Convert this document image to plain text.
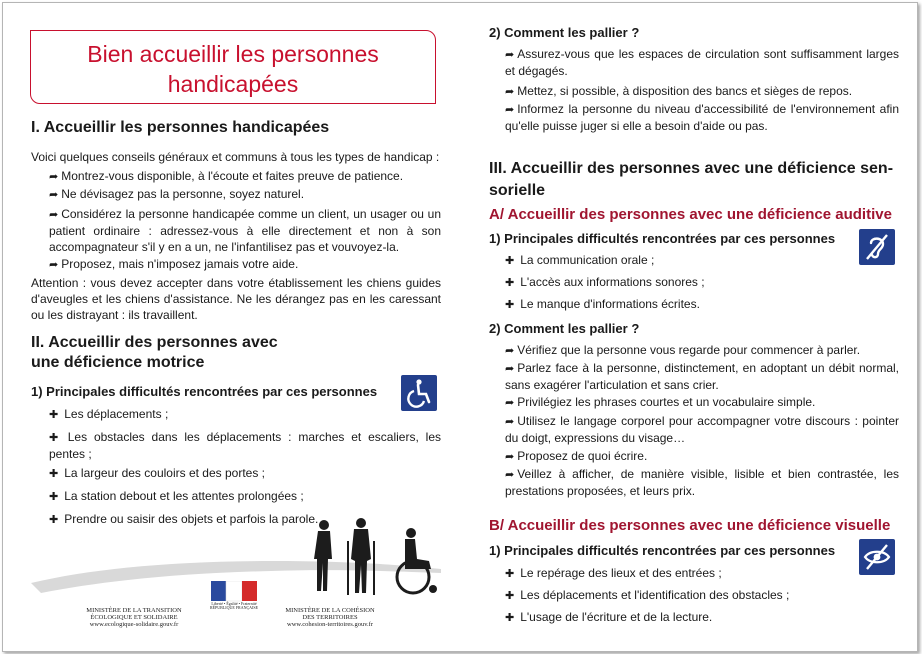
Bien accueillir les personnes
handicapées
I. Accueillir les personnes handicapées
Voici quelques conseils généraux et communs à tous les types de handicap :
➦ Montrez-vous disponible, à l'écoute et faites preuve de patience.
➦ Ne dévisagez pas la personne, soyez naturel.
➦ Considérez la personne handicapée comme un client, un usager ou un patient ordinaire : adressez-vous à elle directement et non à son accompagnateur s'il y en a un, ne l'infantilisez pas et vouvoyez-la.
➦ Proposez, mais n'imposez jamais votre aide.
Attention : vous devez accepter dans votre établissement les chiens guides d'aveugles et les chiens d'assistance. Ne les dérangez pas en les caressant ou les distrayant : ils travaillent.
II. Accueillir des personnes avec
une déficience motrice
1) Principales difficultés rencontrées par ces personnes
✚ Les déplacements ;
✚ Les obstacles dans les déplacements : marches et escaliers, les pentes ;
✚ La largeur des couloirs et des portes ;
✚ La station debout et les attentes prolongées ;
✚ Prendre ou saisir des objets et parfois la parole.
Liberté • Égalité • Fraternité
RÉPUBLIQUE FRANÇAISE
MINISTÈRE DE LA TRANSITION
ÉCOLOGIQUE ET SOLIDAIRE
www.ecologique-solidaire.gouv.fr
MINISTÈRE DE LA COHÉSION
DES TERRITOIRES
www.cohesion-territoires.gouv.fr
2) Comment les pallier ?
➦ Assurez-vous que les espaces de circulation sont suffisamment larges et dégagés.
➦ Mettez, si possible, à disposition des bancs et sièges de repos.
➦ Informez la personne du niveau d'accessibilité de l'environnement afin qu'elle puisse juger si elle a besoin d'aide ou pas.
III. Accueillir des personnes avec une déficience sen-
sorielle
A/ Accueillir des personnes avec une déficience auditive
1) Principales difficultés rencontrées par ces personnes
✚ La communication orale ;
✚ L'accès aux informations sonores ;
✚ Le manque d'informations écrites.
2) Comment les pallier ?
➦ Vérifiez que la personne vous regarde pour commencer à parler.
➦ Parlez face à la personne, distinctement, en adoptant un débit normal, sans exagérer l'articulation et sans crier.
➦ Privilégiez les phrases courtes et un vocabulaire simple.
➦ Utilisez le langage corporel pour accompagner votre discours : pointer du doigt, expressions du visage…
➦ Proposez de quoi écrire.
➦ Veillez à afficher, de manière visible, lisible et bien contrastée, les prestations proposées, et leurs prix.
B/ Accueillir des personnes avec une déficience visuelle
1) Principales difficultés rencontrées par ces personnes
✚ Le repérage des lieux et des entrées ;
✚ Les déplacements et l'identification des obstacles ;
✚ L'usage de l'écriture et de la lecture.
